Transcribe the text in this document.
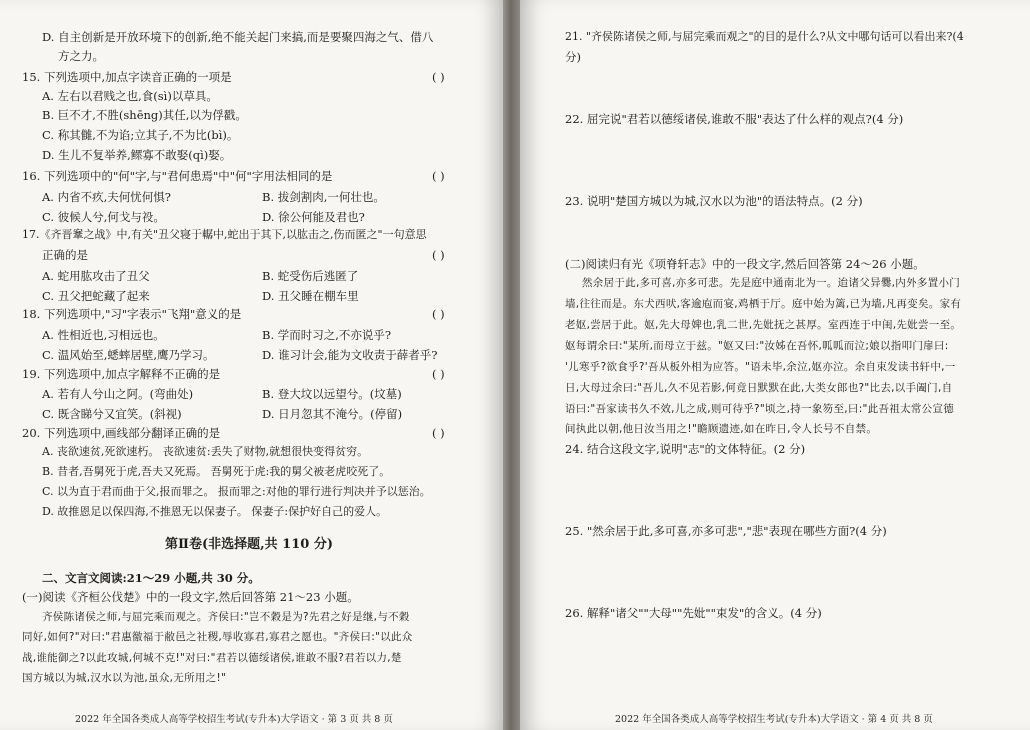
D. 自主创新是开放环境下的创新,绝不能关起门来搞,而是要聚四海之气、借八
方之力。
15. 下列选项中,加点字读音正确的一项是
A. 左右以君贱之也,食(sì)以草具。
B. 巨不才,不胜(shēng)其任,以为俘戳。
C. 称其雠,不为谄;立其子,不为比(bì)。
D. 生儿不复举养,鳏寡不敢娶(qì)娶。
16. 下列选项中的"何"字,与"君何患焉"中"何"字用法相同的是
A. 内省不疚,夫何忧何惧?	B. 拔剑割肉,一何壮也。
C. 彼候人兮,何戈与祋。	D. 徐公何能及君也?
17.《齐晋鞌之战》中,有关"丑父寝于轏中,蛇出于其下,以肱击之,伤而匿之"一句意思
正确的是
A. 蛇用肱攻击了丑父	B. 蛇受伤后逃匿了
C. 丑父把蛇藏了起来	D. 丑父睡在棚车里
18. 下列选项中,"习"字表示"飞翔"意义的是
A. 性相近也,习相远也。	B. 学而时习之,不亦说乎?
C. 温风始至,蟋蟀居壁,鹰乃学习。	D. 谁习计会,能为文收责于薛者乎?
19. 下列选项中,加点字解释不正确的是
A. 若有人兮山之阿。(弯曲处)	B. 登大坟以远望兮。(坟墓)
C. 既含睇兮又宜笑。(斜视)	D. 日月忽其不淹兮。(停留)
20. 下列选项中,画线部分翻译正确的是
A. 丧欲速贫,死欲速朽。 丧欲速贫:丢失了财物,就想很快变得贫穷。
B. 昔者,吾舅死于虎,吾夫又死焉。 吾舅死于虎:我的舅父被老虎咬死了。
C. 以为直于君而曲于父,报而罪之。 报而罪之:对他的罪行进行判决并予以惩治。
D. 故推恩足以保四海,不推恩无以保妻子。 保妻子:保护好自己的爱人。
( )
( )
( )
( )
( )
( )
第Ⅱ卷(非选择题,共 110 分)
二、文言文阅读:21～29 小题,共 30 分。
(一)阅读《齐桓公伐楚》中的一段文字,然后回答第 21～23 小题。
齐侯陈诸侯之师,与屈完乘而观之。齐侯曰:"岂不穀是为?先君之好是继,与不穀
同好,如何?"对曰:"君惠徼福于敝邑之社稷,辱收寡君,寡君之愿也。"齐侯曰:"以此众
战,谁能御之?以此攻城,何城不克!"对曰:"君若以德绥诸侯,谁敢不服?君若以力,楚
国方城以为城,汉水以为池,虽众,无所用之!"
2022 年全国各类成人高等学校招生考试(专升本)大学语文 · 第 3 页 共 8 页
21. "齐侯陈诸侯之师,与屈完乘而观之"的目的是什么?从文中哪句话可以看出来?(4
分)
22. 屈完说"君若以德绥诸侯,谁敢不服"表达了什么样的观点?(4 分)
23. 说明"楚国方城以为城,汉水以为池"的语法特点。(2 分)
(二)阅读归有光《项脊轩志》中的一段文字,然后回答第 24～26 小题。
然余居于此,多可喜,亦多可悲。先是庭中通南北为一。迨诸父异爨,内外多置小门
墙,往往而是。东犬西吠,客逾庖而宴,鸡栖于厅。庭中始为篱,已为墙,凡再变矣。家有
老妪,尝居于此。妪,先大母婢也,乳二世,先妣抚之甚厚。室西连于中闺,先妣尝一至。
妪每谓余曰:"某所,而母立于兹。"妪又曰:"汝姊在吾怀,呱呱而泣;娘以指叩门扉曰:
'儿寒乎?欲食乎?'吾从板外相为应答。"语未毕,余泣,妪亦泣。余自束发读书轩中,一
日,大母过余曰:"吾儿,久不见若影,何竟日默默在此,大类女郎也?"比去,以手阖门,自
语曰:"吾家读书久不效,儿之成,则可待乎?"顷之,持一象笏至,曰:"此吾祖太常公宣德
间执此以朝,他日汝当用之!"瞻顾遗迹,如在昨日,令人长号不自禁。
24. 结合这段文字,说明"志"的文体特征。(2 分)
25. "然余居于此,多可喜,亦多可悲","悲"表现在哪些方面?(4 分)
26. 解释"诸父""大母""先妣""束发"的含义。(4 分)
2022 年全国各类成人高等学校招生考试(专升本)大学语文 · 第 4 页 共 8 页
